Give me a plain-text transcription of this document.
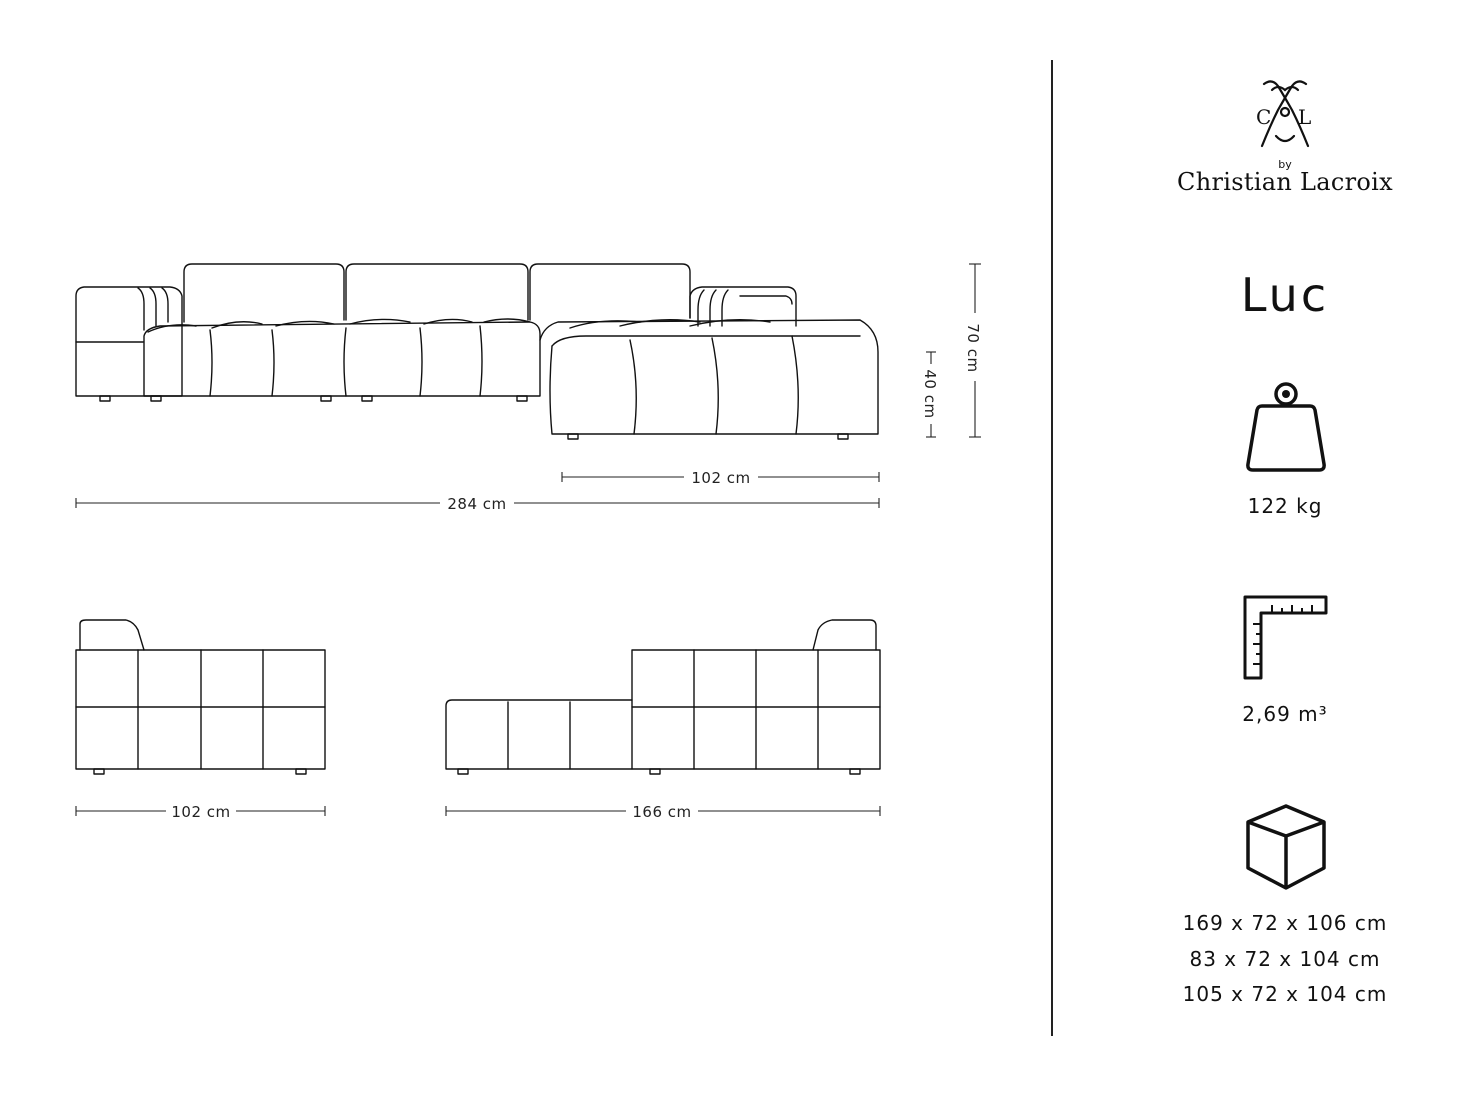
102 cm
284 cm
70 cm
40 cm
102 cm	166 cm
C L
by
Christian Lacroix
Luc
122 kg
2,69 m³
169 x 72 x 106 cm
83 x 72 x 104 cm
105 x 72 x 104 cm
